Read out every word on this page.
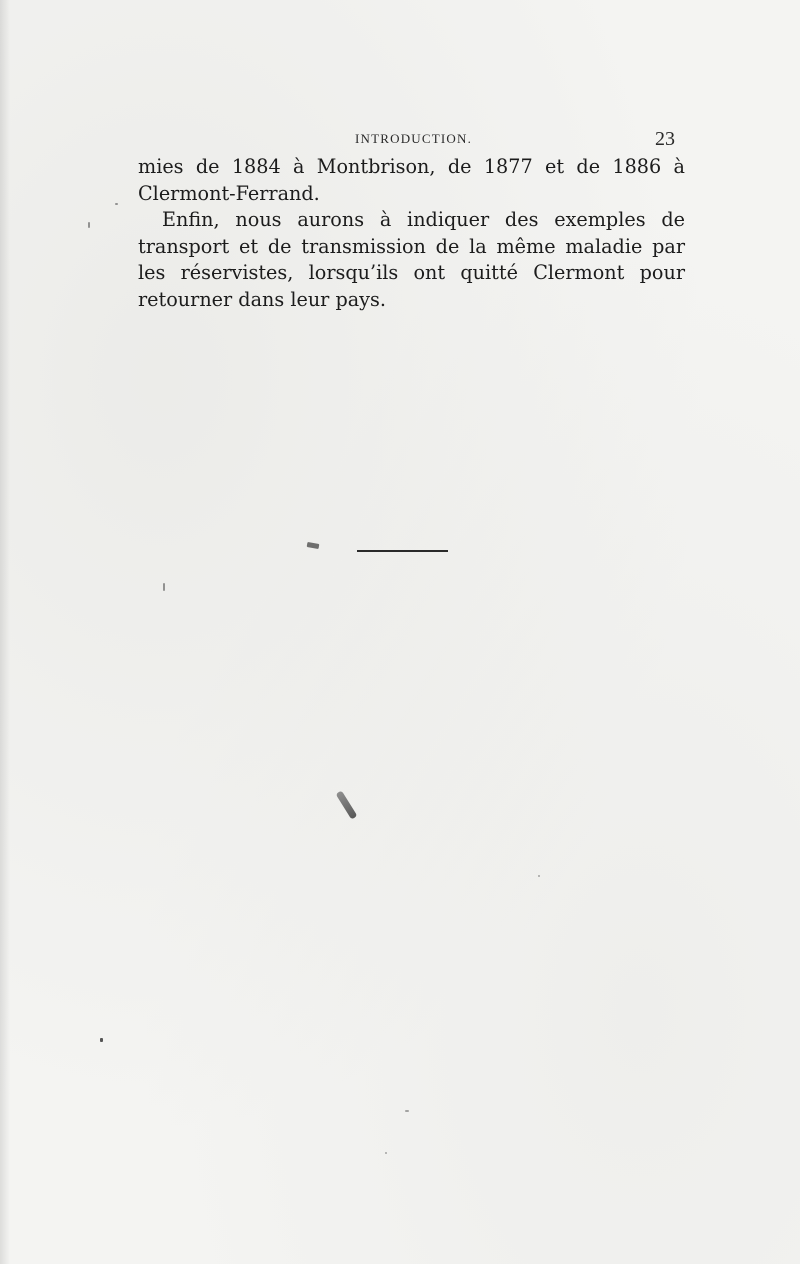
INTRODUCTION.	23

mies de 1884 à Montbrison, de 1877 et de 1886 à Clermont-Ferrand.

Enfin, nous aurons à indiquer des exemples de transport et de transmission de la même maladie par les réservistes, lorsqu’ils ont quitté Clermont pour retourner dans leur pays.
